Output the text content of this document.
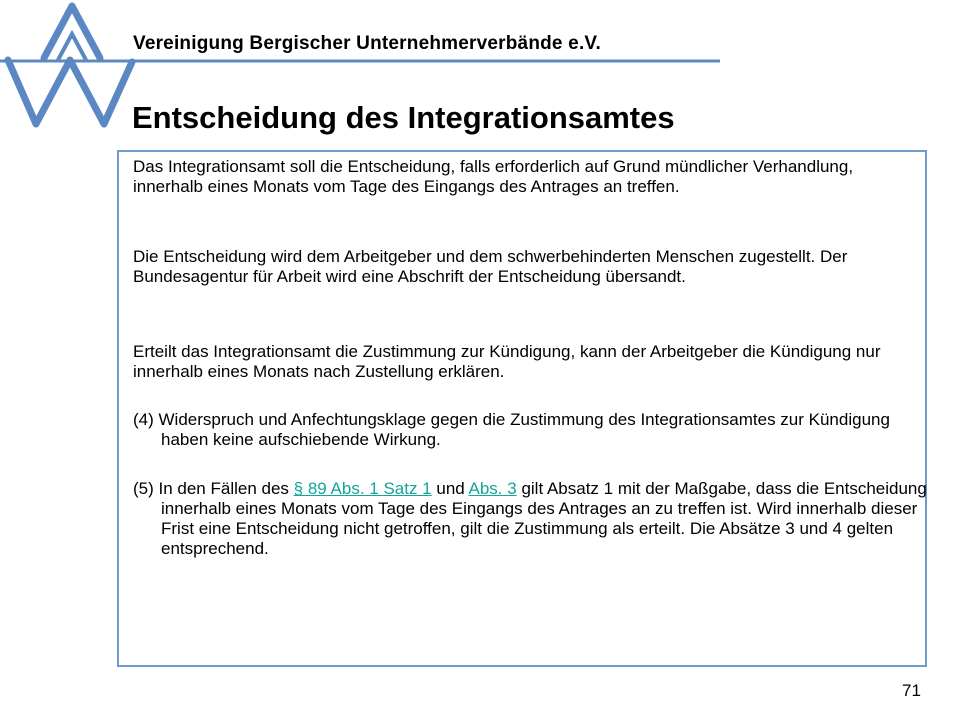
Vereinigung Bergischer Unternehmerverbände e.V.
Entscheidung des Integrationsamtes

Das Integrationsamt soll die Entscheidung, falls erforderlich auf Grund mündlicher Verhandlung, innerhalb eines Monats vom Tage des Eingangs des Antrages an treffen.

Die Entscheidung wird dem Arbeitgeber und dem schwerbehinderten Menschen zugestellt. Der Bundesagentur für Arbeit wird eine Abschrift der Entscheidung übersandt.

Erteilt das Integrationsamt die Zustimmung zur Kündigung, kann der Arbeitgeber die Kündigung nur innerhalb eines Monats nach Zustellung erklären.

(4) Widerspruch und Anfechtungsklage gegen die Zustimmung des Integrationsamtes zur Kündigung haben keine aufschiebende Wirkung.

(5) In den Fällen des § 89 Abs. 1 Satz 1 und Abs. 3 gilt Absatz 1 mit der Maßgabe, dass die Entscheidung innerhalb eines Monats vom Tage des Eingangs des Antrages an zu treffen ist. Wird innerhalb dieser Frist eine Entscheidung nicht getroffen, gilt die Zustimmung als erteilt. Die Absätze 3 und 4 gelten entsprechend.

71
